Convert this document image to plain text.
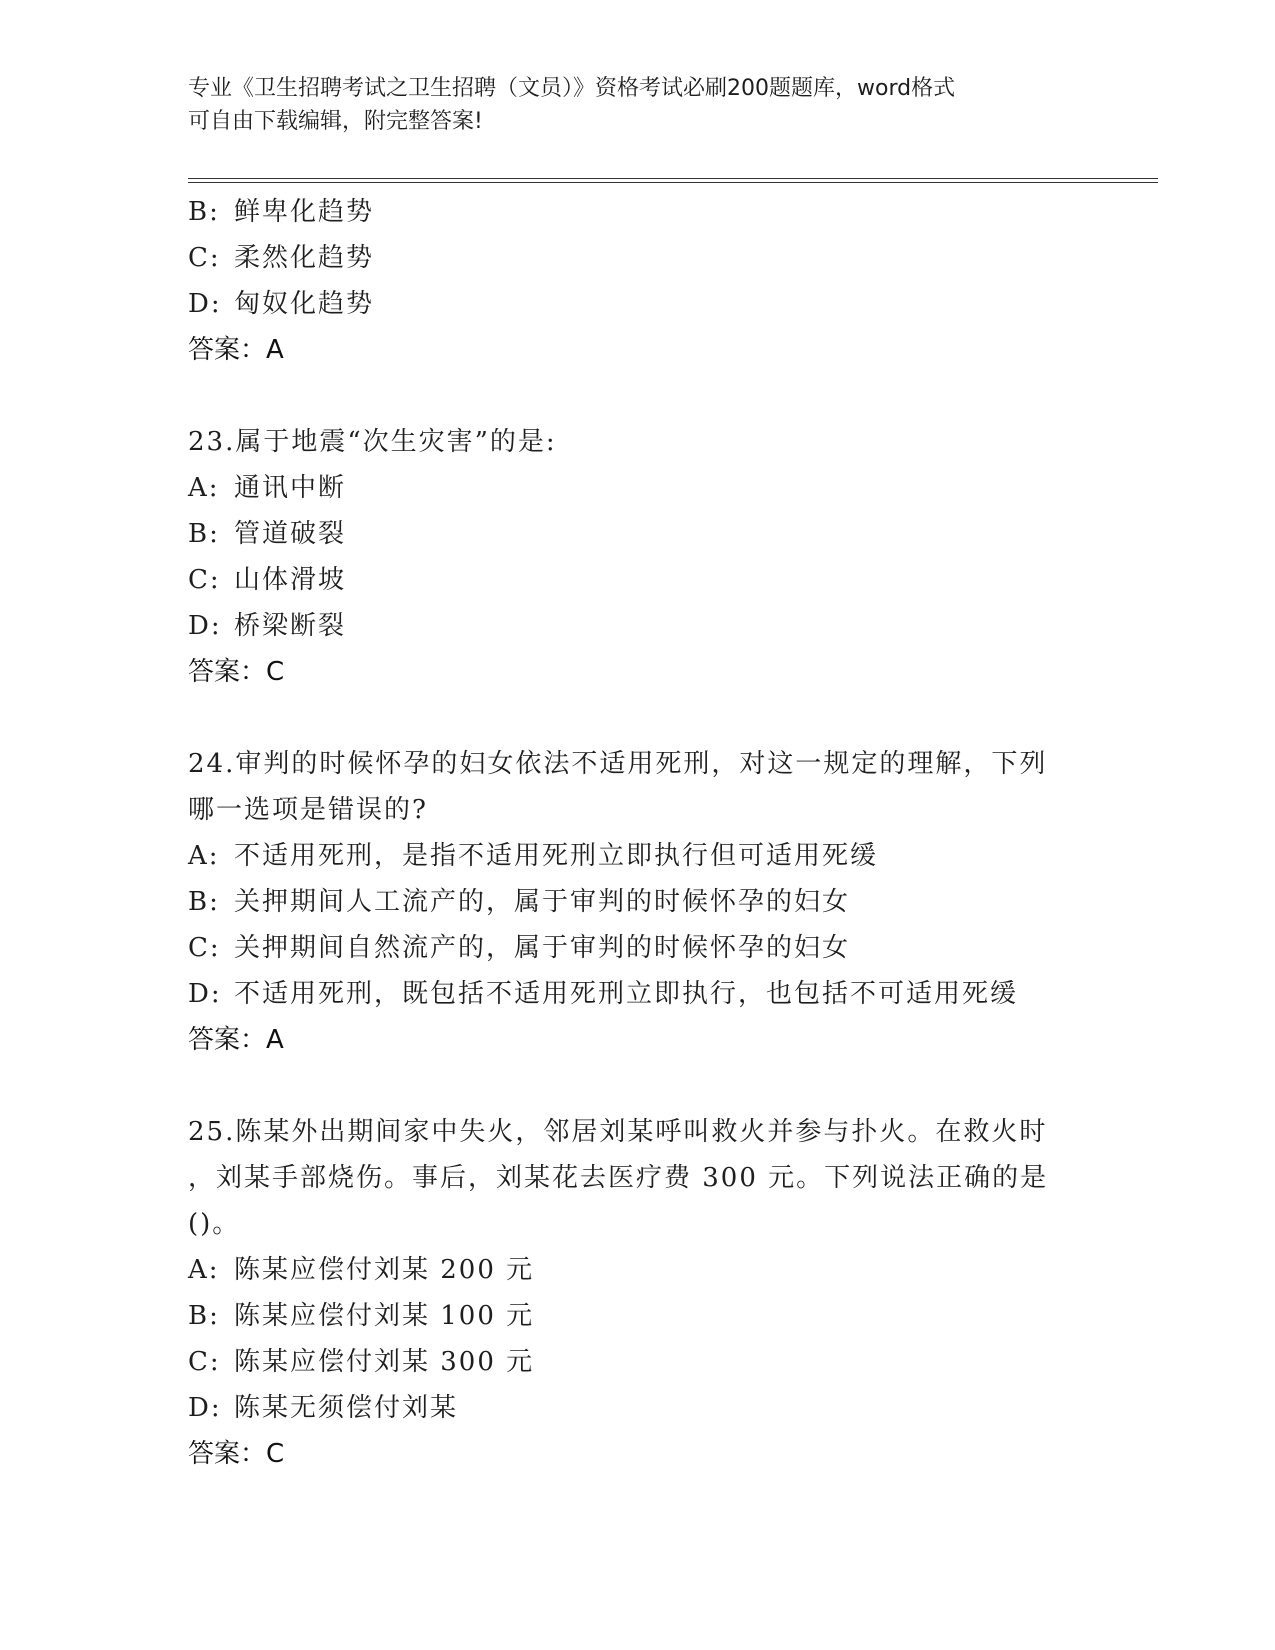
专业《卫生招聘考试之卫生招聘（文员）》资格考试必刷200题题库，word格式
可自由下载编辑，附完整答案!
B: 鲜卑化趋势
C: 柔然化趋势
D: 匈奴化趋势
答案：A
23.属于地震“次生灾害”的是:
A: 通讯中断
B: 管道破裂
C: 山体滑坡
D: 桥梁断裂
答案：C
24.审判的时候怀孕的妇女依法不适用死刑，对这一规定的理解，下列
哪一选项是错误的?
A: 不适用死刑，是指不适用死刑立即执行但可适用死缓
B: 关押期间人工流产的，属于审判的时候怀孕的妇女
C: 关押期间自然流产的，属于审判的时候怀孕的妇女
D: 不适用死刑，既包括不适用死刑立即执行，也包括不可适用死缓
答案：A
25.陈某外出期间家中失火，邻居刘某呼叫救火并参与扑火。在救火时
，刘某手部烧伤。事后，刘某花去医疗费 300 元。下列说法正确的是
()。
A: 陈某应偿付刘某 200 元
B: 陈某应偿付刘某 100 元
C: 陈某应偿付刘某 300 元
D: 陈某无须偿付刘某
答案：C
